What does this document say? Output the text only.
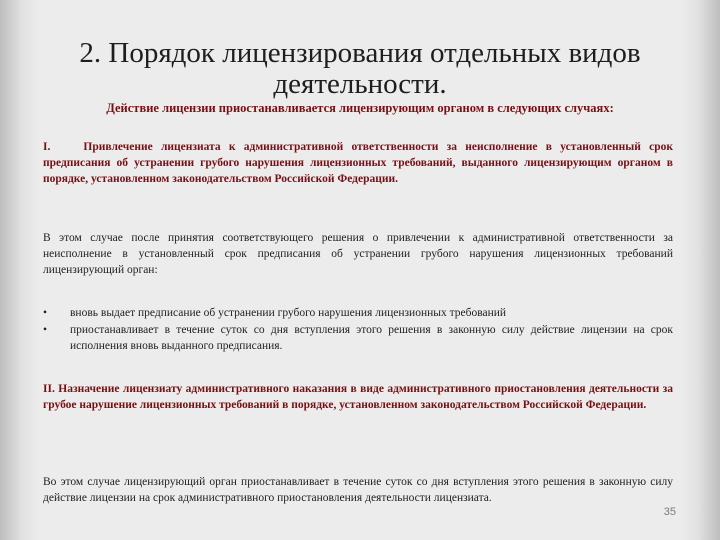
2. Порядок лицензирования отдельных видов деятельности.
Действие лицензии приостанавливается лицензирующим органом в следующих случаях:

I.    Привлечение лицензиата к административной ответственности за неисполнение в установленный срок предписания об устранении грубого нарушения лицензионных требований, выданного лицензирующим органом в порядке, установленном законодательством Российской Федерации.

В этом случае после принятия соответствующего решения о привлечении к административной ответственности за неисполнение в установленный срок предписания об устранении грубого нарушения лицензионных требований лицензирующий орган:

• вновь выдает предписание об устранении грубого нарушения лицензионных требований
• приостанавливает в течение суток со дня вступления этого решения в законную силу действие лицензии на срок исполнения вновь выданного предписания.

II. Назначение лицензиату административного наказания в виде административного приостановления деятельности за грубое нарушение лицензионных требований в порядке, установленном законодательством Российской Федерации.

Во этом случае лицензирующий орган приостанавливает в течение суток со дня вступления этого решения в законную силу действие лицензии на срок административного приостановления деятельности лицензиата.

35
